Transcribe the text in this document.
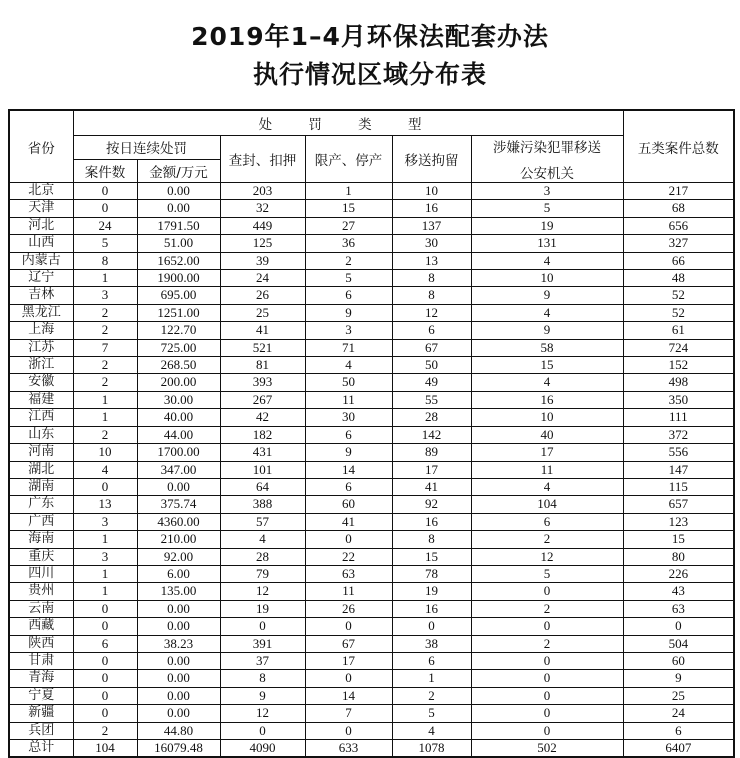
2019年1–4月环保法配套办法
执行情况区域分布表
省份	处 罚 类 型						五类案件总数
	按日连续处罚		查封、扣押	限产、停产	移送拘留	涉嫌污染犯罪移送
公安机关	

	案件数	金额/万元					
北京	0	0.00	203	1	10	3	217
天津	0	0.00	32	15	16	5	68
河北	24	1791.50	449	27	137	19	656
山西	5	51.00	125	36	30	131	327
内蒙古	8	1652.00	39	2	13	4	66
辽宁	1	1900.00	24	5	8	10	48
吉林	3	695.00	26	6	8	9	52
黑龙江	2	1251.00	25	9	12	4	52
上海	2	122.70	41	3	6	9	61
江苏	7	725.00	521	71	67	58	724
浙江	2	268.50	81	4	50	15	152
安徽	2	200.00	393	50	49	4	498
福建	1	30.00	267	11	55	16	350
江西	1	40.00	42	30	28	10	111
山东	2	44.00	182	6	142	40	372
河南	10	1700.00	431	9	89	17	556
湖北	4	347.00	101	14	17	11	147
湖南	0	0.00	64	6	41	4	115
广东	13	375.74	388	60	92	104	657
广西	3	4360.00	57	41	16	6	123
海南	1	210.00	4	0	8	2	15
重庆	3	92.00	28	22	15	12	80
四川	1	6.00	79	63	78	5	226
贵州	1	135.00	12	11	19	0	43
云南	0	0.00	19	26	16	2	63
西藏	0	0.00	0	0	0	0	0
陕西	6	38.23	391	67	38	2	504
甘肃	0	0.00	37	17	6	0	60
青海	0	0.00	8	0	1	0	9
宁夏	0	0.00	9	14	2	0	25
新疆	0	0.00	12	7	5	0	24
兵团	2	44.80	0	0	4	0	6
总计	104	16079.48	4090	633	1078	502	6407
